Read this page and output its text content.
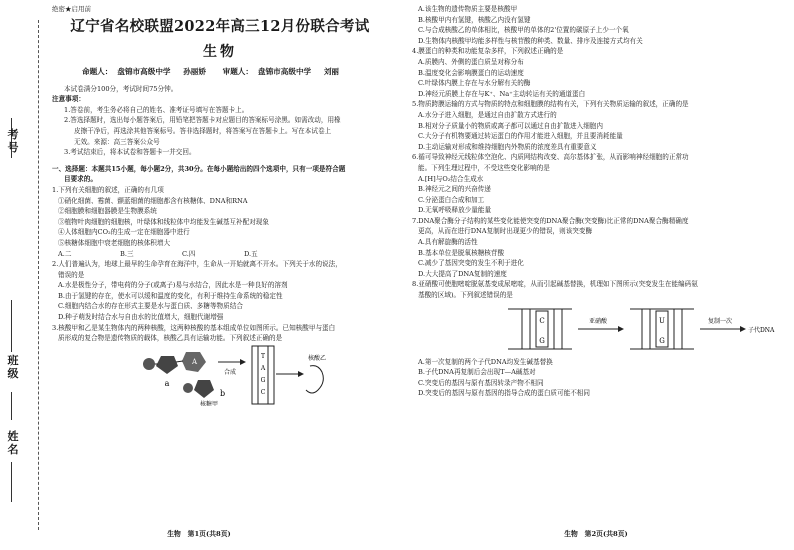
考号
班级
姓名

绝密★启用前

辽宁省名校联盟2022年高三12月份联合考试
生物
命题人： 盘锦市高级中学 孙丽娇 审题人： 盘锦市高级中学 刘丽

本试卷满分100分，考试时间75分钟。

注意事项：

1.答卷前，考生务必将自己的姓名、准考证号填写在答题卡上。

2.答选择题时，选出每小题答案后，用铅笔把答题卡对应题目的答案标号涂黑。如需改动，用橡

皮擦干净后，再选涂其他答案标号。答非选择题时，将答案写在答题卡上。写在本试卷上

无效。来源：高三答案公众号

3.考试结束后，将本试卷和答题卡一并交回。

一、选择题：本题共15小题，每小题2分，共30分。在每小题给出的四个选项中，只有一项是符合题

目要求的。

1.下列有关细胞的叙述，正确的有几项

①硝化细菌、霉菌、颤蓝细菌的细胞都含有核糖体、DNA和RNA

②细胞膜和细胞器膜是生物膜系统

③植物叶肉细胞的细胞核，叶绿体和线粒体中均能发生碱基互补配对现象

④人体细胞内CO₂的生成一定在细胞器中进行

⑤核糖体细胞中衰老细胞的核体积增大

A.二	B.三	C.四	D.五

2.人们普遍认为，地球上最早的生命孕育在海洋中，生命从一开始就离不开水。下列关于水的说法，

错误的是

A.水是极性分子，带电荷的分子(或离子)易与水结合，因此水是一种良好的溶剂

B.由于氢键的存在，使水可以缓和温度的变化，有利于维持生命系统的稳定性

C.细胞内结合水的存在形式主要是水与蛋白质、多糖等物质结合

D.种子萌发时结合水与自由水的比值增大，细胞代谢增强

3.核酸甲和乙是某生物体内的两种核酸，这两种核酸的基本组成单位如图所示。已知核酸甲与蛋白

质形成的复合物是遗传物质的载体，核酸乙具有运输功能。下列叙述正确的是

a
b
A
合成
核糖甲
T
A
G
C
核酸乙
生物　第1页(共8页)

A.该生物的遗传物质主要是核酸甲

B.核酸甲内有氢键，核酸乙内没有氢键

C.与合成核酸乙的单体相比，核酸甲的单体的2'位置的碳原子上少一个氧

D.生物体内核酸甲均能多样性与核苷酸的种类、数量、排序及连接方式均有关

4.膜蛋白的种类和功能复杂多样，下列叙述正确的是

A.质膜内、外侧的蛋白质呈对称分布

B.温度变化会影响膜蛋白的运动速度

C.叶绿体内膜上存在与水分解有关的酶

D.神经元质膜上存在与K⁺、Na⁺主动转运有关的通道蛋白

5.物质跨膜运输的方式与物质的特点和细胞膜的结构有关，下列有关物质运输的叙述，正确的是

A.水分子进入细胞，是通过自由扩散方式进行的

B.相对分子质量小的物质或离子都可以通过自由扩散进入细胞内

C.大分子有机物要通过转运蛋白的作用才能进入细胞，并且要消耗能量

D.主动运输对形成和维持细胞内外物质的浓度差具有重要意义

6.循可导致神经元线粒体空泡化、内质网结构改变、高尔基体扩张，从而影响神经细胞的正常功

能。下列生理过程中，不受这些变化影响的是

A.[H]与O₂结合生成水

B.神经元之间的兴奋传递

C.分泌蛋白合成和加工

D.无氧呼吸释放少量能量

7.DNA聚合酶分子结构的某些变化能使突变的DNA聚合酶(突变酶)比正常的DNA聚合酶精确度

更高，从而在进行DNA复制时出现更少的错误，则该突变酶

A.具有解旋酶的活性

B.基本单位是脱氧核糖核苷酸

C.减少了基因突变的发生不利于进化

D.大大提高了DNA复制的速度

8.亚硝酸可使胞嘧啶脱氨基变成尿嘧啶，从而引起碱基替换，机理如下图所示(突变发生在能编码氨

基酸的区域)。下列叙述错误的是

C
G
亚硝酸	U
G
复制一次
子代DNA

A.第一次复制的两个子代DNA均发生碱基替换

B.子代DNA再复制后会出现T—A碱基对

C.突变后的基因与原有基因转录产物不相同

D.突变后的基因与原有基因的指导合成的蛋白质可能不相同

生物　第2页(共8页)
